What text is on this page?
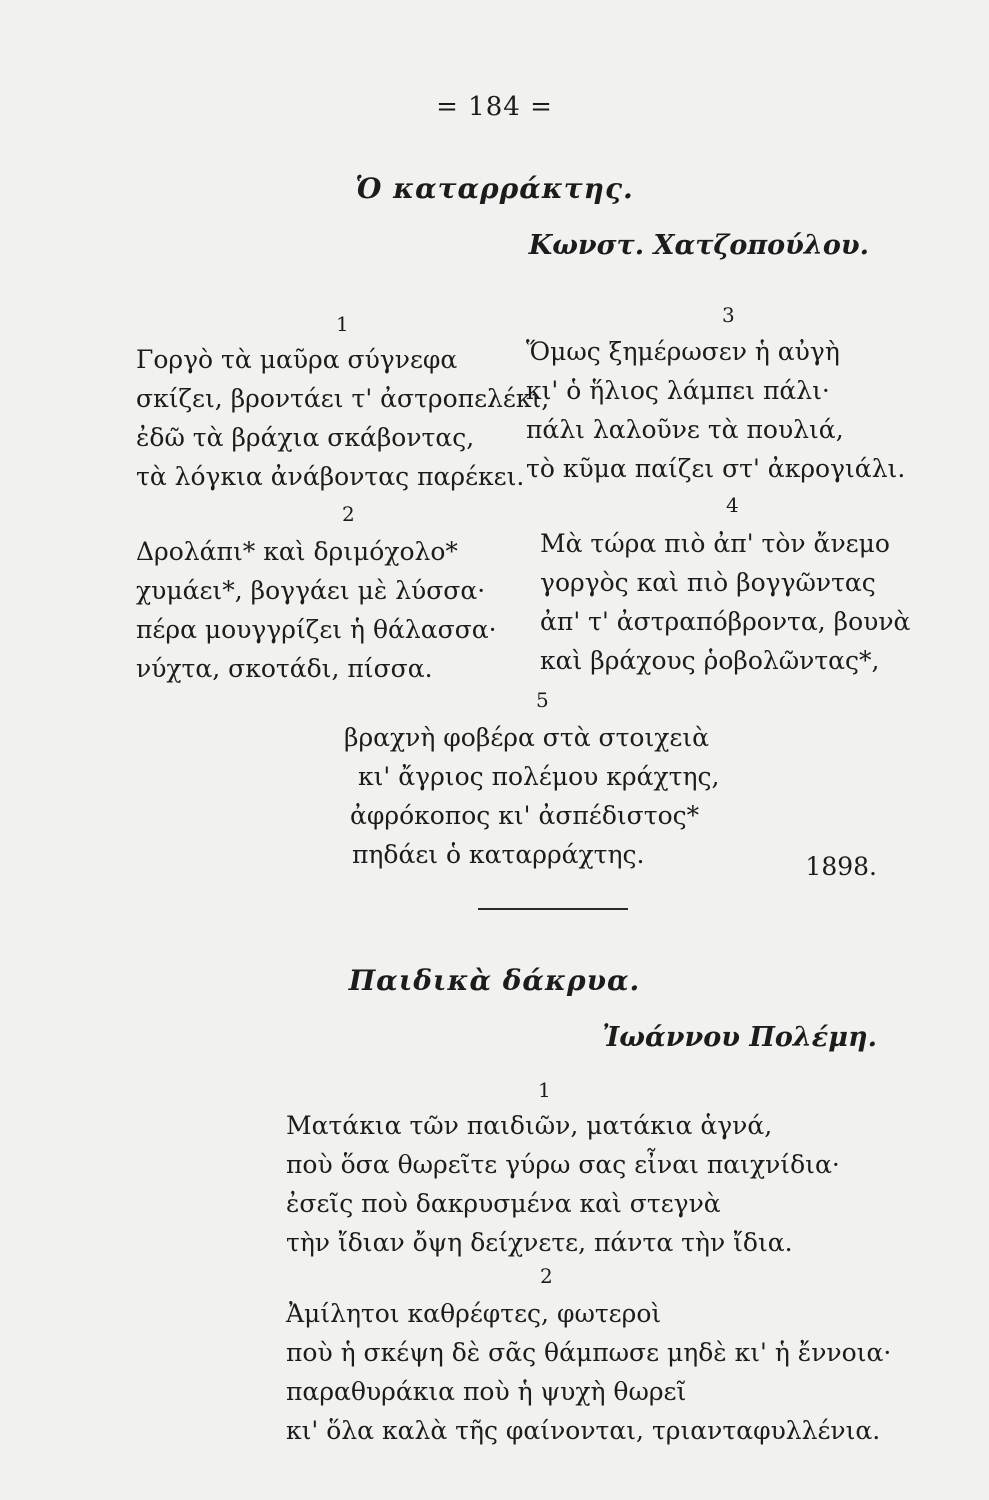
= 184 =
Ὁ καταρράκτης.
Κωνστ. Χατζοπούλου.
1
Γοργὸ τὰ μαῦρα σύγνεφα
σκίζει, βροντάει τ' ἀστροπελέκι,
ἐδῶ τὰ βράχια σκάβοντας,
τὰ λόγκια ἀνάβοντας παρέκει.
3
Ὅμως ξημέρωσεν ἡ αὐγὴ
κι' ὁ ἥλιος λάμπει πάλι·
πάλι λαλοῦνε τὰ πουλιά,
τὸ κῦμα παίζει στ' ἀκρογιάλι.
2
Δρολάπι* καὶ δριμόχολο*
χυμάει*, βογγάει μὲ λύσσα·
πέρα μουγγρίζει ἡ θάλασσα·
νύχτα, σκοτάδι, πίσσα.
4
Μὰ τώρα πιὸ ἀπ' τὸν ἄνεμο
γοργὸς καὶ πιὸ βογγῶντας
ἀπ' τ' ἀστραπόβροντα, βουνὰ
καὶ βράχους ῥοβολῶντας*,
5
βραχνὴ φοβέρα στὰ στοιχειὰ
κι' ἄγριος πολέμου κράχτης,
ἀφρόκοπος κι' ἀσπέδιστος*
πηδάει ὁ καταρράχτης.	1898.
Παιδικὰ δάκρυα.
Ἰωάννου Πολέμη.
1
Ματάκια τῶν παιδιῶν, ματάκια ἁγνά,
ποὺ ὅσα θωρεῖτε γύρω σας εἶναι παιχνίδια·
ἐσεῖς ποὺ δακρυσμένα καὶ στεγνὰ
τὴν ἴδιαν ὄψη δείχνετε, πάντα τὴν ἴδια.
2
Ἀμίλητοι καθρέφτες, φωτεροὶ
ποὺ ἡ σκέψη δὲ σᾶς θάμπωσε μηδὲ κι' ἡ ἔννοια·
παραθυράκια ποὺ ἡ ψυχὴ θωρεῖ
κι' ὅλα καλὰ τῆς φαίνονται, τριανταφυλλένια.
